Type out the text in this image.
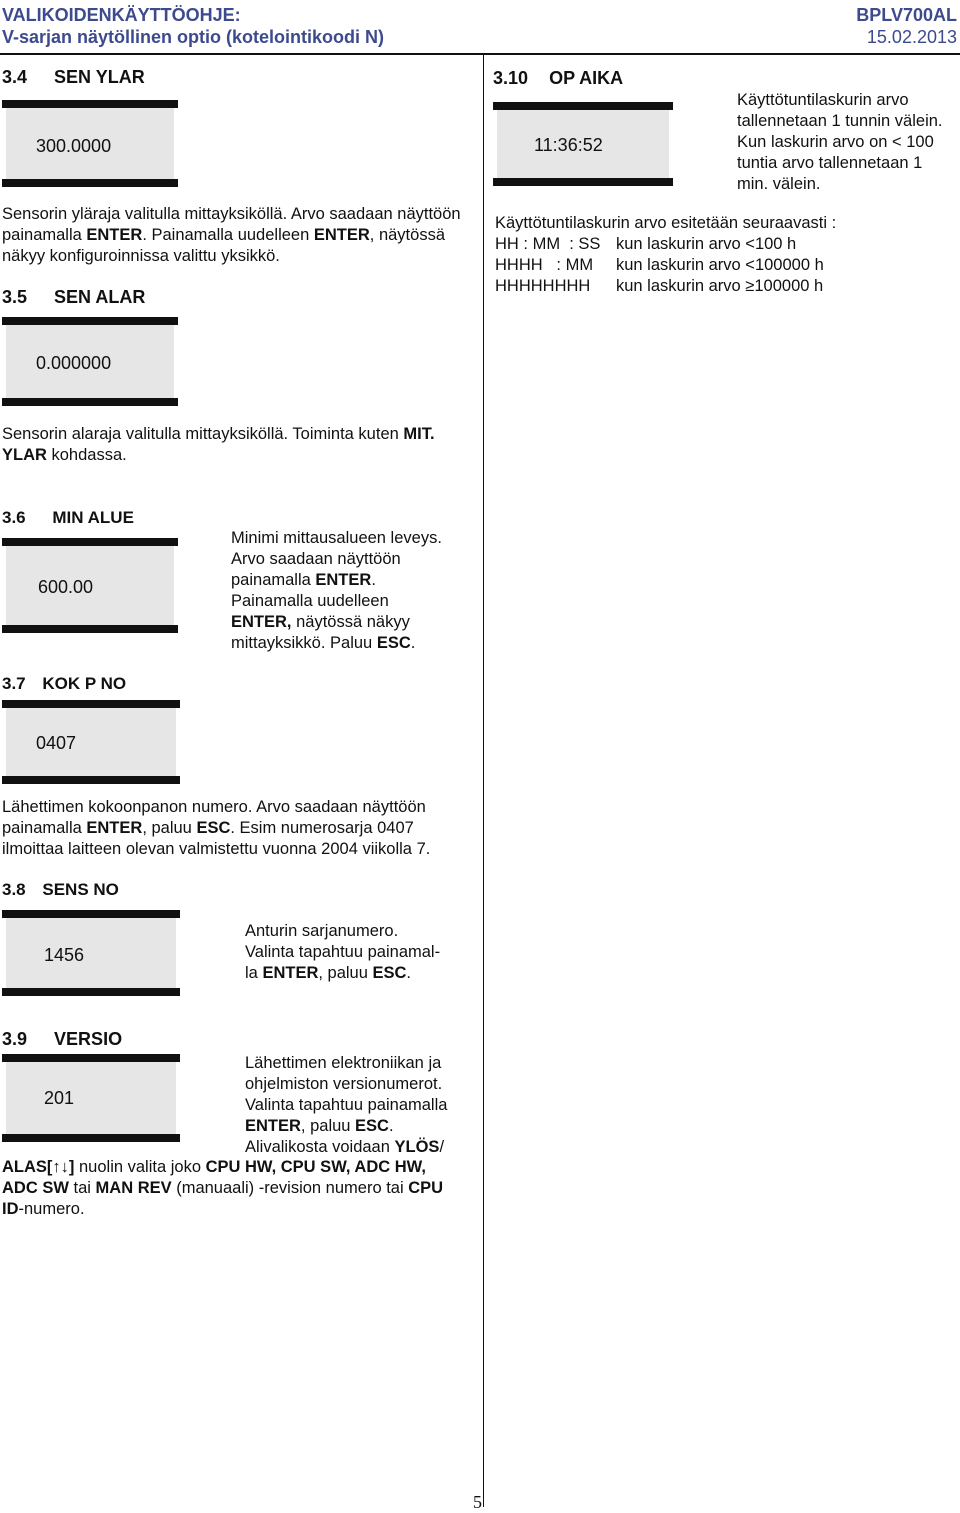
VALIKOIDENKÄYTTÖOHJE:
V-sarjan näytöllinen optio (kotelointikoodi N)
BPLV700AL
15.02.2013
3.4 SEN YLAR
300.0000
Sensorin yläraja valitulla mittayksiköllä. Arvo saadaan näyttöön painamalla ENTER. Painamalla uudelleen ENTER, näytössä näkyy konfiguroinnissa valittu yksikkö.
3.5 SEN ALAR
0.000000
Sensorin alaraja valitulla mittayksiköllä. Toiminta kuten MIT. YLAR kohdassa.
3.6 MIN ALUE
600.00
Minimi mittausalueen leveys.
Arvo saadaan näyttöön
painamalla ENTER.
Painamalla uudelleen
ENTER, näytössä näkyy
mittayksikkö. Paluu ESC.
3.7 KOK P NO
0407
Lähettimen kokoonpanon numero. Arvo saadaan näyttöön painamalla ENTER, paluu ESC. Esim numerosarja 0407 ilmoittaa laitteen olevan valmistettu vuonna 2004 viikolla 7.
3.8 SENS NO
1456
Anturin sarjanumero.
Valinta tapahtuu painamal-
la ENTER, paluu ESC.
3.9 VERSIO
201
Lähettimen elektroniikan ja
ohjelmiston versionumerot.
Valinta tapahtuu painamalla
ENTER, paluu ESC.
Alivalikosta voidaan YLÖS/
ALAS[↑↓] nuolin valita joko CPU HW, CPU SW, ADC HW,
ADC SW tai MAN REV (manuaali) -revision numero tai CPU
ID-numero.
3.10 OP AIKA
11:36:52
Käyttötuntilaskurin arvo
tallennetaan 1 tunnin välein.
Kun laskurin arvo on < 100
tuntia arvo tallennetaan 1
min. välein.
Käyttötuntilaskurin arvo esitetään seuraavasti :
HH : MM  : SS kun laskurin arvo <100 h
HHHH   : MM kun laskurin arvo <100000 h
HHHHHHHH kun laskurin arvo ≥100000 h
5
